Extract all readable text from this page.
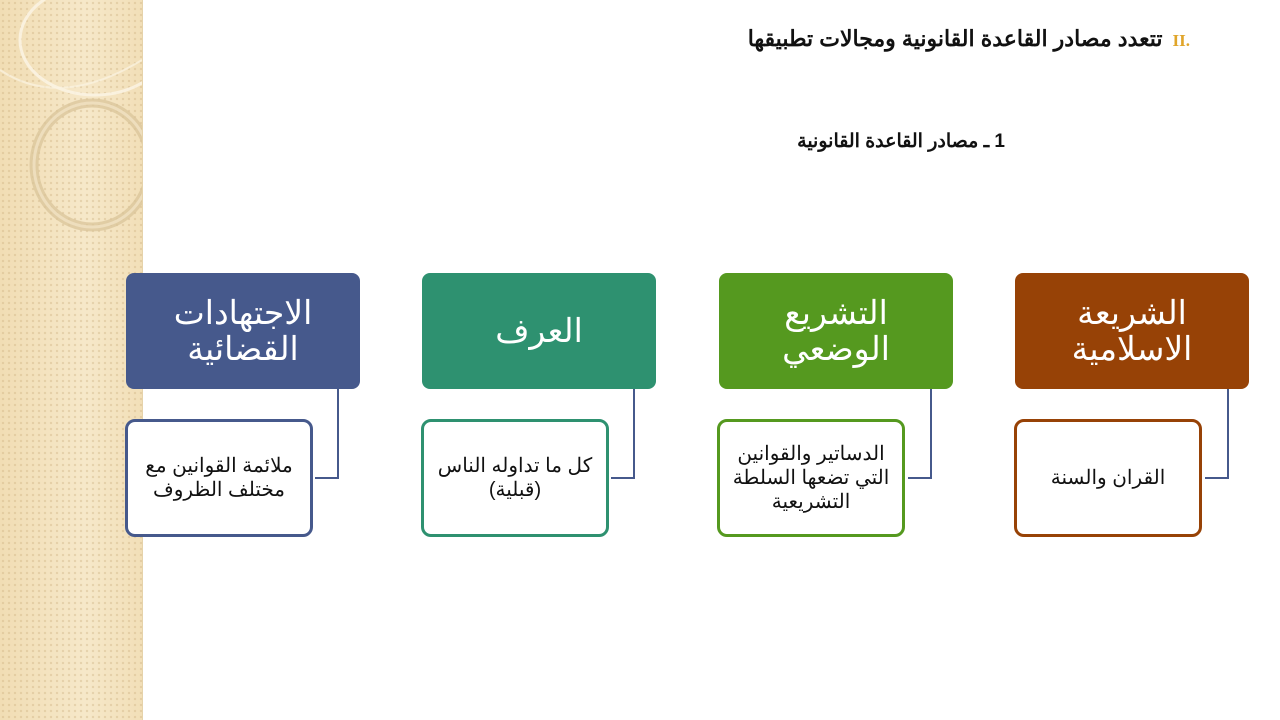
.II
تتعدد مصادر القاعدة القانونية ومجالات تطبيقها
1 ـ مصادر القاعدة القانونية
الشريعة الاسلامية
التشريع الوضعي
العرف
الاجتهادات القضائية
القران والسنة
الدساتير والقوانين التي تضعها السلطة التشريعية
كل ما تداوله الناس (قبلية)
ملائمة القوانين مع مختلف الظروف
